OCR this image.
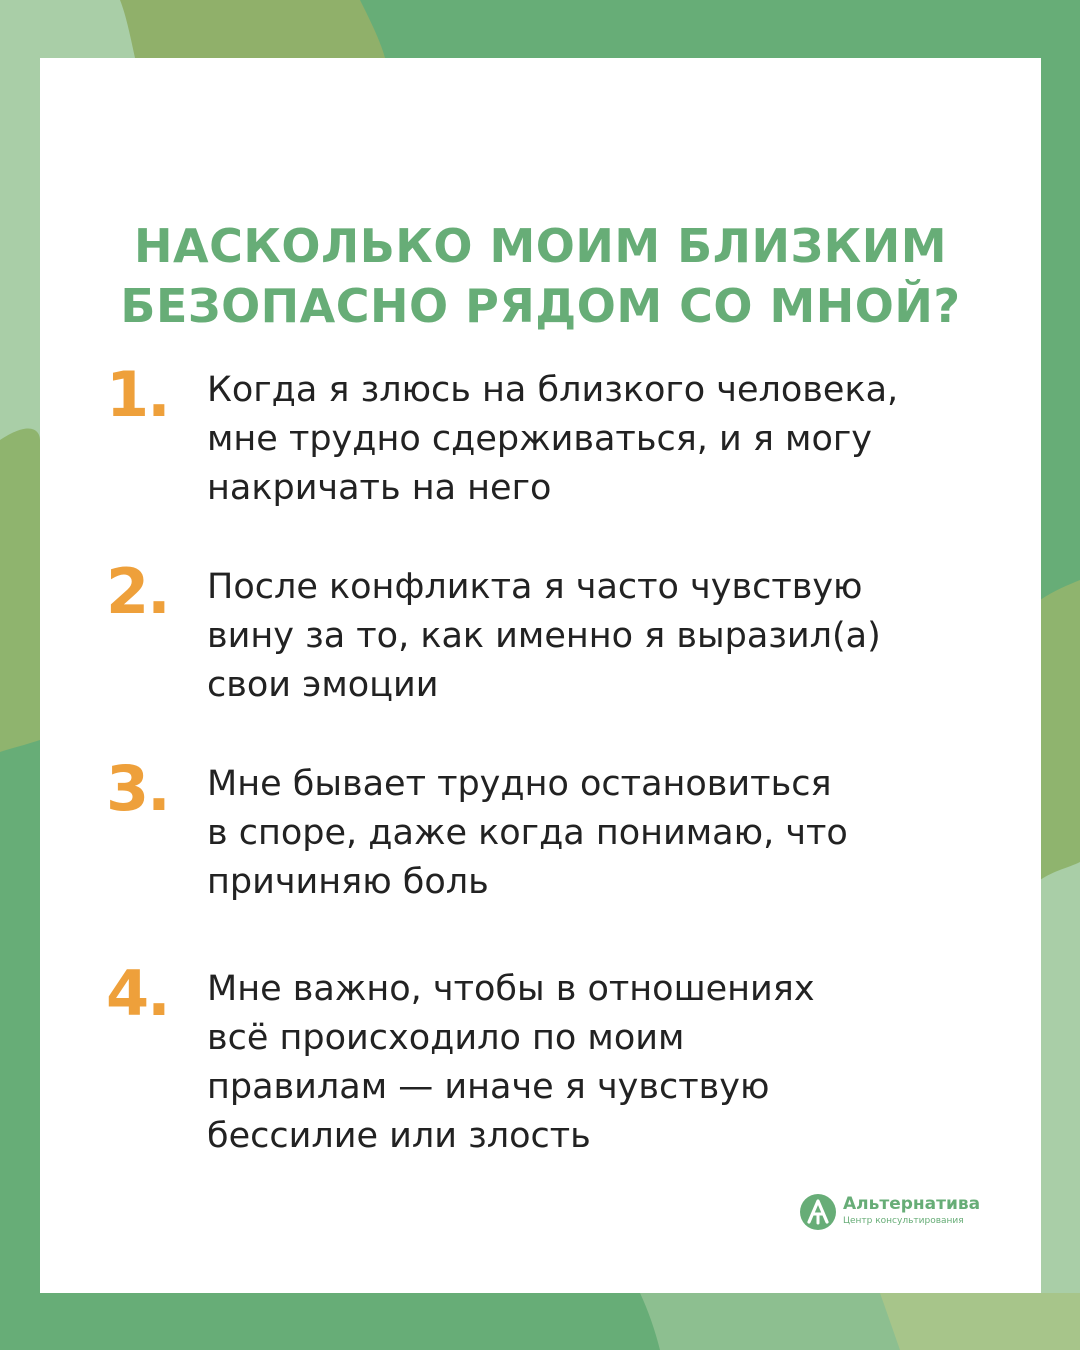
НАСКОЛЬКО МОИМ БЛИЗКИМ
БЕЗОПАСНО РЯДОМ СО МНОЙ?
1. Когда я злюсь на близкого человека,
мне трудно сдерживаться, и я могу
накричать на него
2. После конфликта я часто чувствую
вину за то, как именно я выразил(а)
свои эмоции
3. Мне бывает трудно остановиться
в споре, даже когда понимаю, что
причиняю боль
4. Мне важно, чтобы в отношениях
всё происходило по моим
правилам — иначе я чувствую
бессилие или злость
Альтернатива
Центр консультирования
